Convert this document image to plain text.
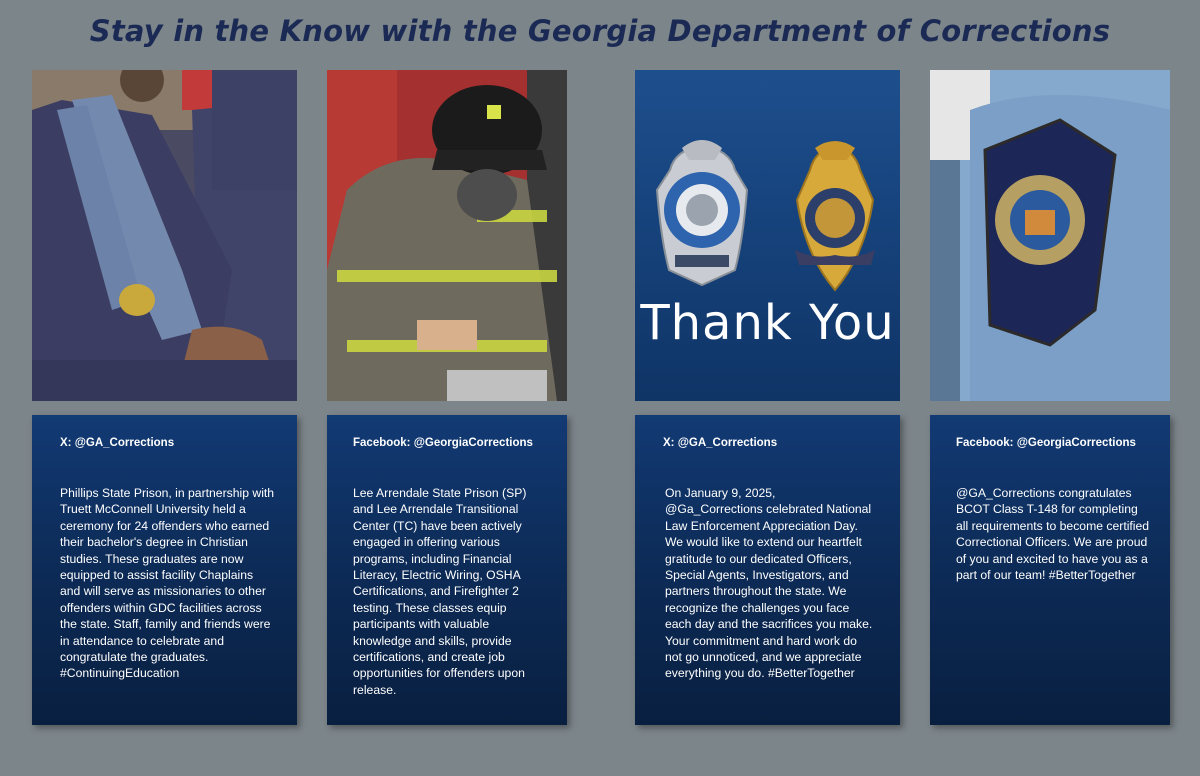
Stay in the Know with the Georgia Department of Corrections
Thank You
X: @GA_Corrections
Phillips State Prison, in partnership with Truett McConnell University held a ceremony for 24 offenders who earned their bachelor's degree in Christian studies. These graduates are now equipped to assist facility Chaplains and will serve as missionaries to other offenders within GDC facilities across the state. Staff, family and friends were in attendance to celebrate and congratulate the graduates. #ContinuingEducation
Facebook: @GeorgiaCorrections
Lee Arrendale State Prison (SP) and Lee Arrendale Transitional Center (TC) have been actively engaged in offering various programs, including Financial Literacy, Electric Wiring, OSHA Certifications, and Firefighter 2 testing. These classes equip participants with valuable knowledge and skills, provide certifications, and create job opportunities for offenders upon release.
X: @GA_Corrections
On January 9, 2025, @Ga_Corrections celebrated National Law Enforcement Appreciation Day. We would like to extend our heartfelt gratitude to our dedicated Officers, Special Agents, Investigators, and partners throughout the state. We recognize the challenges you face each day and the sacrifices you make. Your commitment and hard work do not go unnoticed, and we appreciate everything you do. #BetterTogether
Facebook: @GeorgiaCorrections
@GA_Corrections congratulates BCOT Class T-148 for completing all requirements to become certified Correctional Officers. We are proud of you and excited to have you as a part of our team! #BetterTogether
